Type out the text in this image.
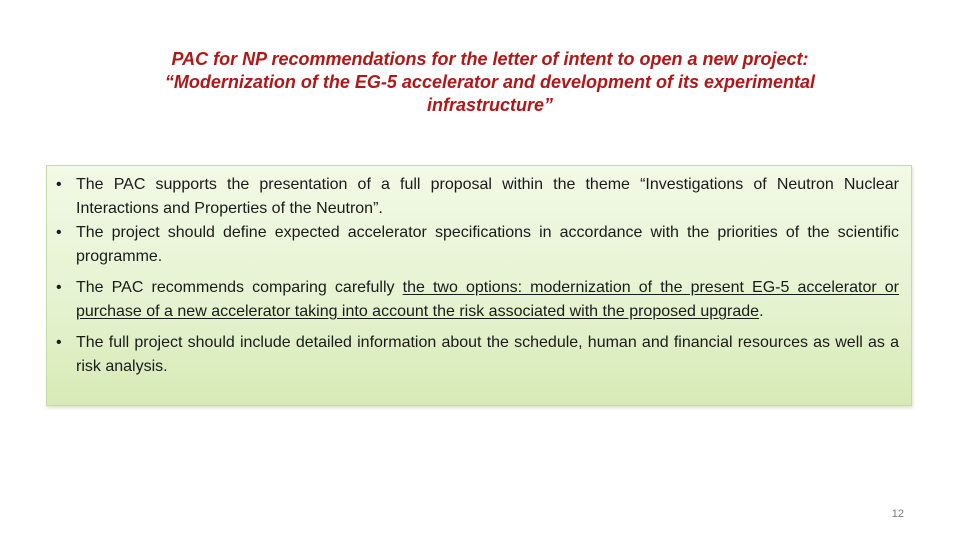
PAC for NP recommendations for the letter of intent to open a new project:
“Modernization of the EG-5 accelerator and development of its experimental
infrastructure”
• The PAC supports the presentation of a full proposal within the theme “Investigations of Neutron Nuclear Interactions and Properties of the Neutron”.
• The project should define expected accelerator specifications in accordance with the priorities of the scientific programme.
• The PAC recommends comparing carefully the two options: modernization of the present EG-5 accelerator or purchase of a new accelerator taking into account the risk associated with the proposed upgrade.
• The full project should include detailed information about the schedule, human and financial resources as well as a risk analysis.
12
